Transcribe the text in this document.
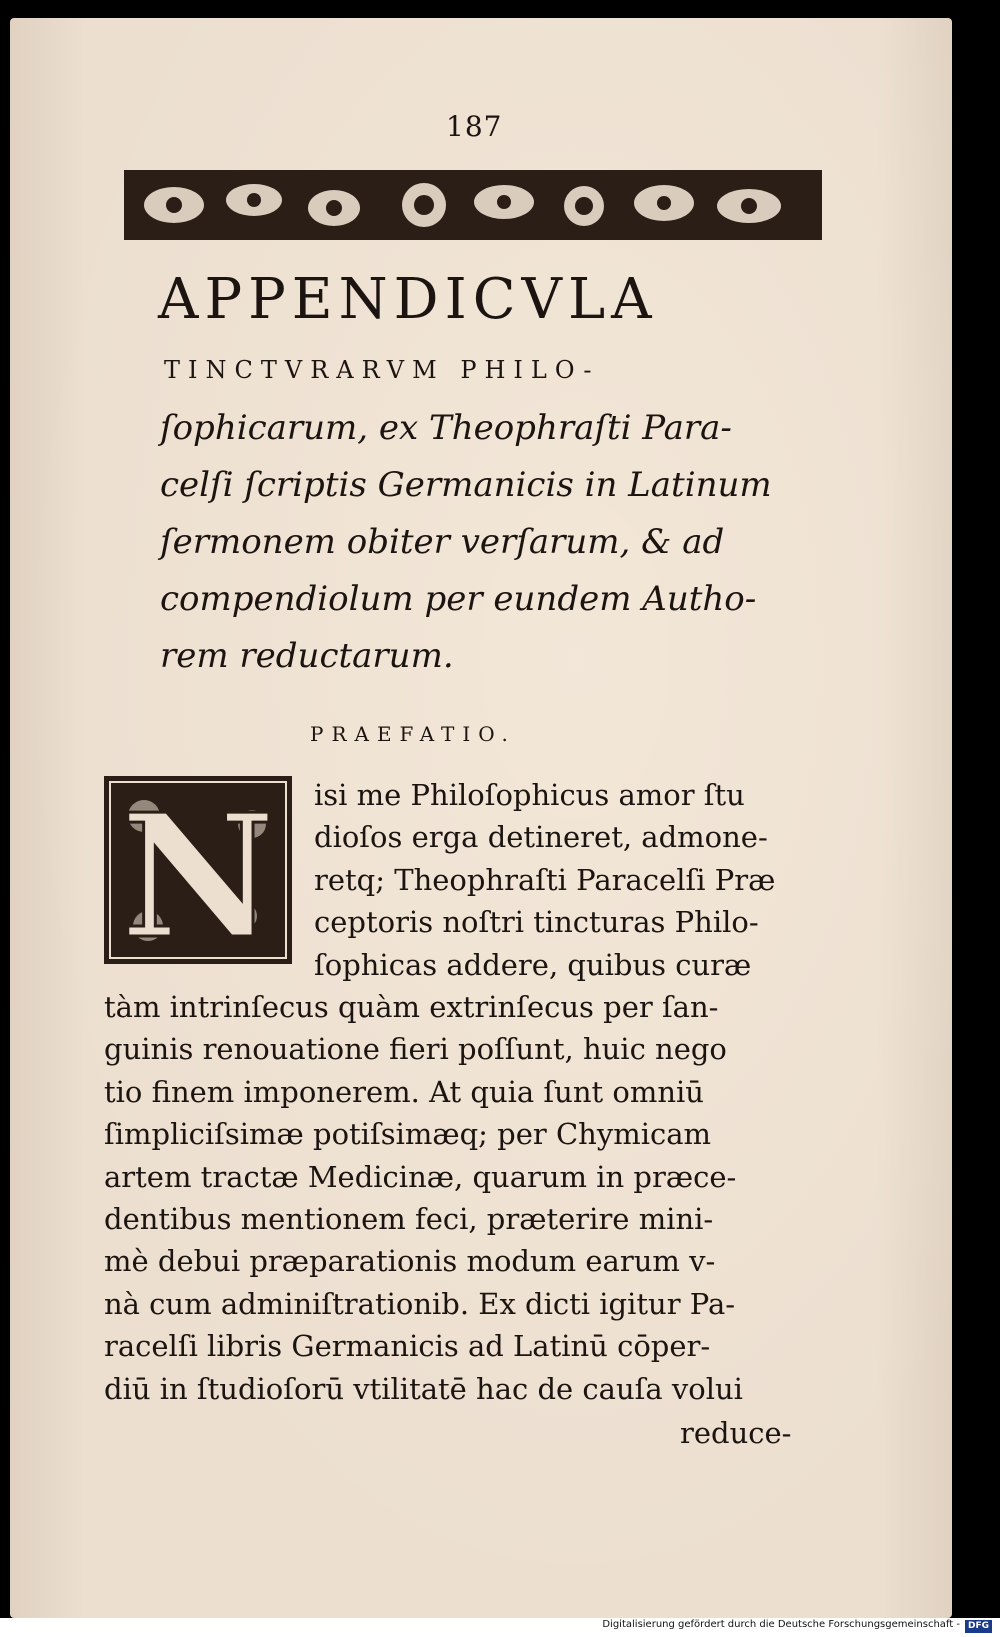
187
APPENDICVLA
TINCTVRARVM PHILO-
ſophicarum, ex Theophraſti Para-
celſi ſcriptis Germanicis in Latinum
ſermonem obiter verſarum, & ad
compendiolum per eundem Autho-
rem reductarum.
PRAEFATIO.
N	isi me Philoſophicus amor ſtu
dioſos erga detineret, admone-
retq; Theophraſti Paracelſi Præ
ceptoris noſtri tincturas Philo-
ſophicas addere, quibus curæ
tàm intrinſecus quàm extrinſecus per ſan-
guinis renouatione fieri poſſunt, huic nego
tio finem imponerem. At quia ſunt omniū
ſimpliciſsimæ potiſsimæq; per Chymicam
artem tractæ Medicinæ, quarum in præce-
dentibus mentionem feci, præterire mini-
mè debui præparationis modum earum v-
nà cum adminiſtrationib. Ex dicti igitur Pa-
racelſi libris Germanicis ad Latinū cōper-
diū in ſtudioſorū vtilitatē hac de cauſa volui
reduce-
Digitalisierung gefördert durch die Deutsche Forschungsgemeinschaft - DFG
